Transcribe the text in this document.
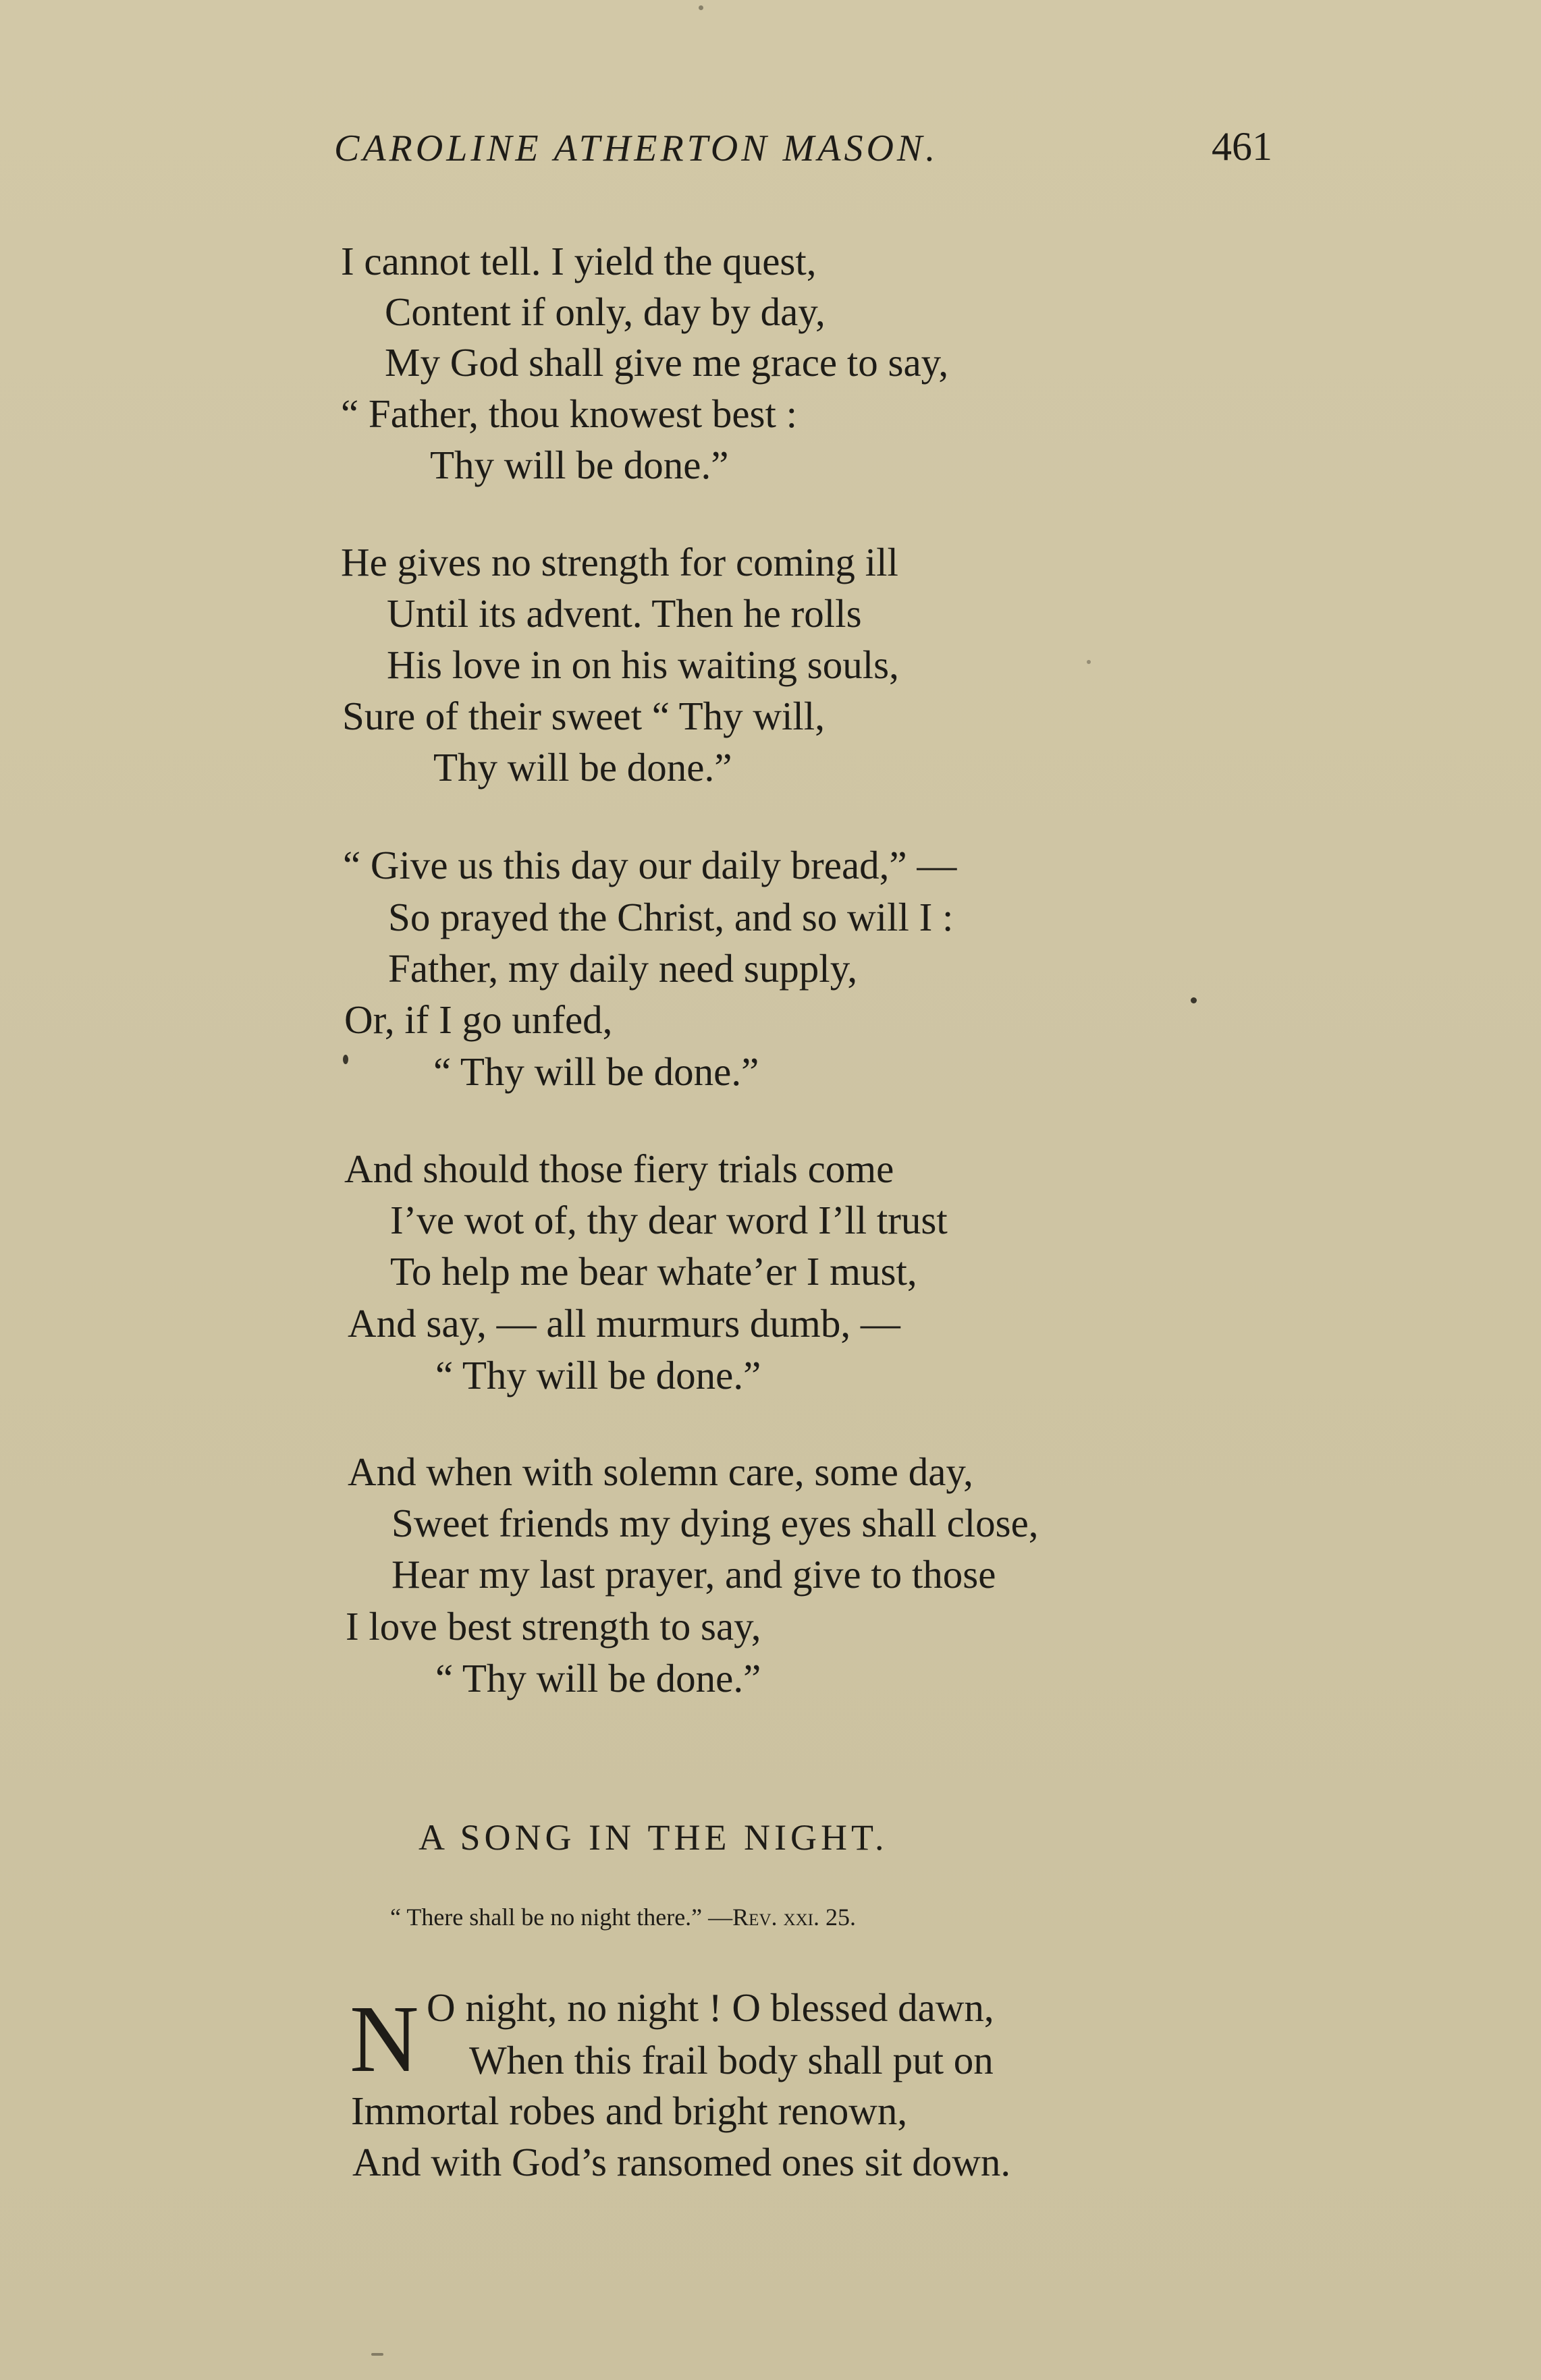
CAROLINE ATHERTON MASON.	461
I cannot tell. I yield the quest,
Content if only, day by day,
My God shall give me grace to say,
“ Father, thou knowest best :
Thy will be done.”
He gives no strength for coming ill
Until its advent. Then he rolls
His love in on his waiting souls,
Sure of their sweet “ Thy will,
Thy will be done.”
“ Give us this day our daily bread,” —
So prayed the Christ, and so will I :
Father, my daily need supply,
Or, if I go unfed,
“ Thy will be done.”
And should those fiery trials come
I’ve wot of, thy dear word I’ll trust
To help me bear whate’er I must,
And say, — all murmurs dumb, —
“ Thy will be done.”
And when with solemn care, some day,
Sweet friends my dying eyes shall close,
Hear my last prayer, and give to those
I love best strength to say,
“ Thy will be done.”
A SONG IN THE NIGHT.
“ There shall be no night there.” —Rev. xxi. 25.
N O night, no night ! O blessed dawn,
When this frail body shall put on
Immortal robes and bright renown,
And with God’s ransomed ones sit down.
